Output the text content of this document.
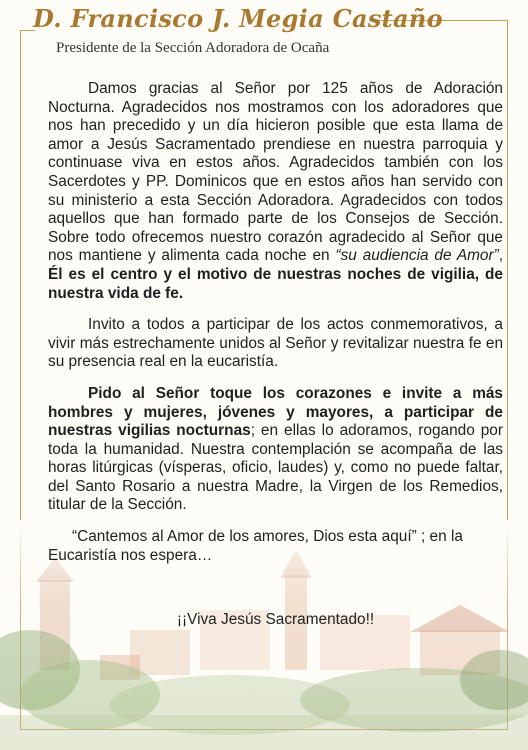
D. Francisco J. Megia Castaño
Presidente de la Sección Adoradora de Ocaña

Damos gracias al Señor por 125 años de Adoración Nocturna. Agradecidos nos mostramos con los adoradores que nos han precedido y un día hicieron posible que esta llama de amor a Jesús Sacramentado prendiese en nuestra parroquia y continuase viva en estos años. Agradecidos también con los Sacerdotes y PP. Dominicos que en estos años han servido con su ministerio a esta Sección Adoradora. Agradecidos con todos aquellos que han formado parte de los Consejos de Sección. Sobre todo ofrecemos nuestro corazón agradecido al Señor que nos mantiene y alimenta cada noche en “su audiencia de Amor”, Él es el centro y el motivo de nuestras noches de vigilia, de nuestra vida de fe.

Invito a todos a participar de los actos conmemorativos, a vivir más estrechamente unidos al Señor y revitalizar nuestra fe en su presencia real en la eucaristía.

Pido al Señor toque los corazones e invite a más hombres y mujeres, jóvenes y mayores, a participar de nuestras vigilias nocturnas; en ellas lo adoramos, rogando por toda la humanidad. Nuestra contemplación se acompaña de las horas litúrgicas (vísperas, oficio, laudes) y, como no puede faltar, del Santo Rosario a nuestra Madre, la Virgen de los Remedios, titular de la Sección.

“Cantemos al Amor de los amores, Dios esta aquí” ; en la Eucaristía nos espera…

¡¡Viva Jesús Sacramentado!!
